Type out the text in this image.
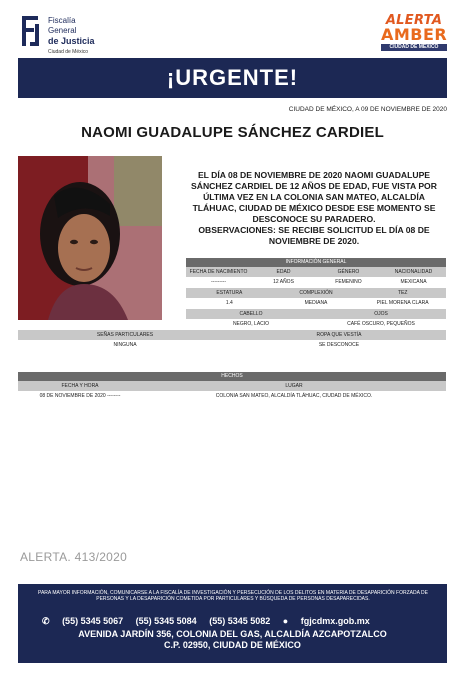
Fiscalía
General
de Justicia
Ciudad de México
ALERTA
AMBER
CIUDAD DE MÉXICO
¡URGENTE!
CIUDAD DE MÉXICO, A 09 DE NOVIEMBRE DE 2020
NAOMI GUADALUPE SÁNCHEZ CARDIEL
EL DÍA 08 DE NOVIEMBRE DE 2020 NAOMI GUADALUPE SÁNCHEZ CARDIEL DE 12 AÑOS DE EDAD, FUE VISTA POR ÚLTIMA VEZ EN LA COLONIA SAN MATEO, ALCALDÍA TLÁHUAC, CIUDAD DE MÉXICO DESDE ESE MOMENTO SE DESCONOCE SU PARADERO.
OBSERVACIONES: SE RECIBE SOLICITUD EL DÍA 08 DE NOVIEMBRE DE 2020.
INFORMACIÓN GENERAL
FECHA DE NACIMIENTO	EDAD	GÉNERO	NACIONALIDAD
---------	12 AÑOS	FEMENINO	MEXICANA
ESTATURA	COMPLEXIÓN	TEZ
1.4	MEDIANA	PIEL MORENA CLARA
CABELLO	OJOS
NEGRO, LACIO	CAFÉ OSCURO, PEQUEÑOS
SEÑAS PARTICULARES	ROPA QUE VESTÍA
NINGUNA	SE DESCONOCE
HECHOS
FECHA Y HORA	LUGAR
08 DE NOVIEMBRE DE 2020 --------	COLONIA SAN MATEO, ALCALDÍA TLÁHUAC, CIUDAD DE MÉXICO.
ALERTA. 413/2020
PARA MAYOR INFORMACIÓN, COMUNICARSE A LA FISCALÍA DE INVESTIGACIÓN Y PERSECUCIÓN DE LOS DELITOS EN MATERIA DE DESAPARICIÓN FORZADA DE PERSONAS Y LA DESAPARICIÓN COMETIDA POR PARTICULARES Y BÚSQUEDA DE PERSONAS DESAPARECIDAS.
✆ (55) 5345 5067 (55) 5345 5084 (55) 5345 5082 ● fgjcdmx.gob.mx
AVENIDA JARDÍN 356, COLONIA DEL GAS, ALCALDÍA AZCAPOTZALCO
C.P. 02950, CIUDAD DE MÉXICO
